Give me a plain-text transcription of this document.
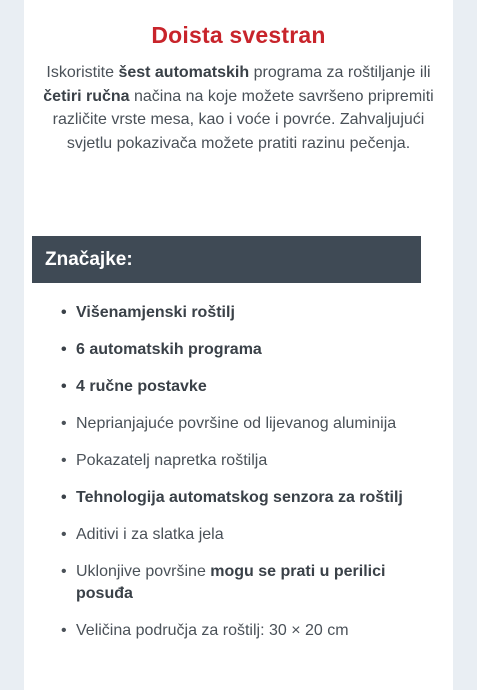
Doista svestran

Iskoristite šest automatskih programa za roštiljanje ili četiri ručna načina na koje možete savršeno pripremiti različite vrste mesa, kao i voće i povrće. Zahvaljujući svjetlu pokazivača možete pratiti razinu pečenja.

Značajke:
• Višenamjenski roštilj
• 6 automatskih programa
• 4 ručne postavke
• Neprianjajuće površine od lijevanog aluminija
• Pokazatelj napretka roštilja
• Tehnologija automatskog senzora za roštilj
• Aditivi i za slatka jela
• Uklonjive površine mogu se prati u perilici posuđa
• Veličina područja za roštilj: 30 × 20 cm
